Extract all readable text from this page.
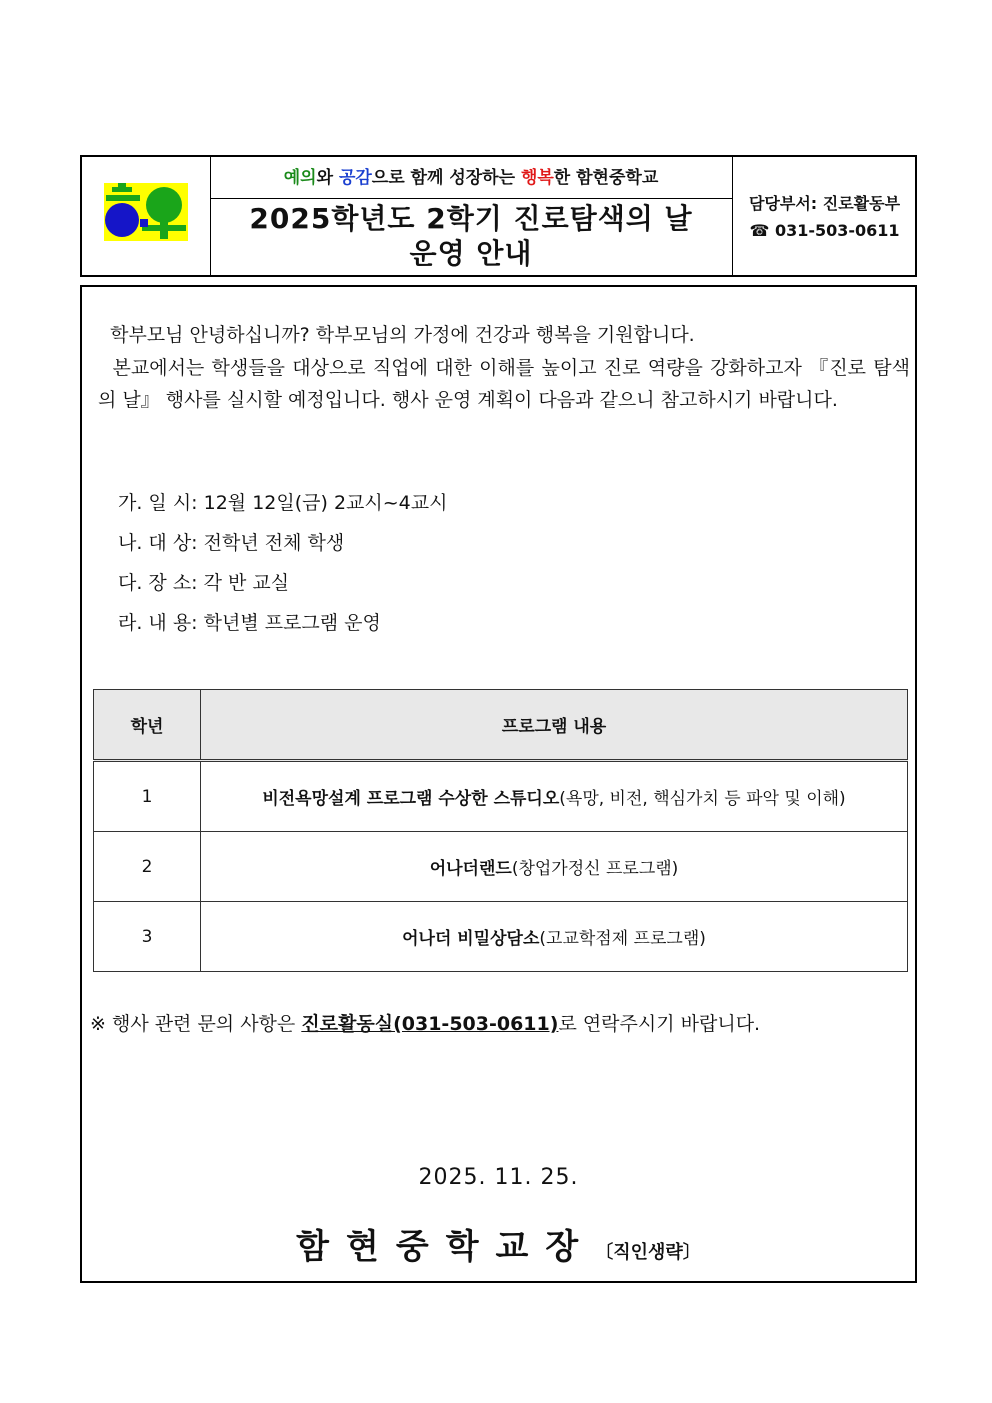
예의와 공감으로 함께 성장하는 행복한 함현중학교
2025학년도 2학기 진로탐색의 날
운영 안내
담당부서: 진로활동부
☎ 031-503-0611

학부모님 안녕하십니까? 학부모님의 가정에 건강과 행복을 기원합니다.

본교에서는 학생들을 대상으로 직업에 대한 이해를 높이고 진로 역량을 강화하고자 『진로 탐색의 날』 행사를 실시할 예정입니다. 행사 운영 계획이 다음과 같으니 참고하시기 바랍니다.

가. 일 시: 12월 12일(금) 2교시~4교시
나. 대 상: 전학년 전체 학생
다. 장 소: 각 반 교실
라. 내 용: 학년별 프로그램 운영
학년	프로그램 내용
1	비전욕망설계 프로그램 수상한 스튜디오(욕망, 비전, 핵심가치 등 파악 및 이해)
2	어나더랜드(창업가정신 프로그램)
3	어나더 비밀상담소(고교학점제 프로그램)
※ 행사 관련 문의 사항은 진로활동실(031-503-0611)로 연락주시기 바랍니다.
2025. 11. 25.
함현중학교장〔직인생략〕
